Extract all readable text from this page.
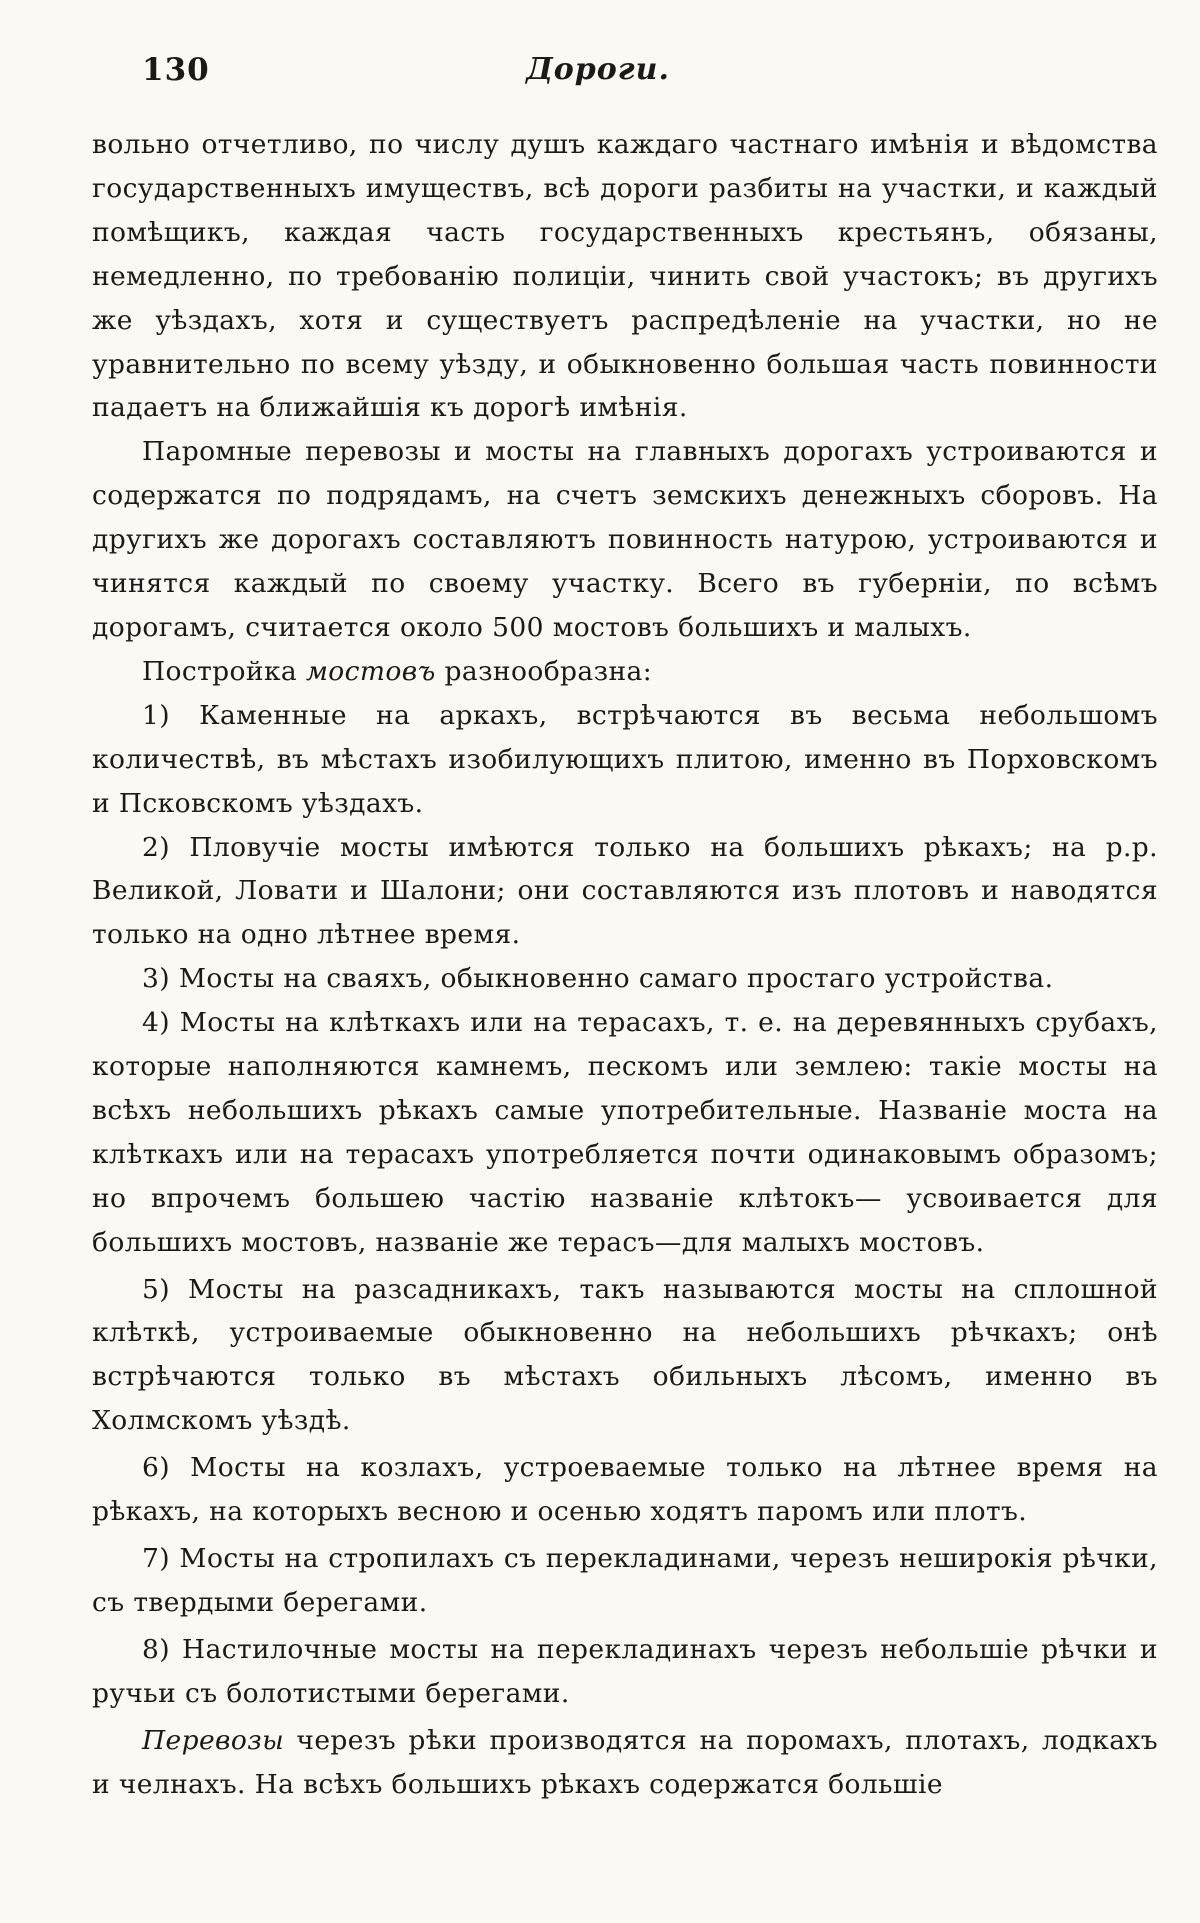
130	Дороги.

вольно отчетливо, по числу душъ каждаго частнаго имѣнія и вѣдомства государственныхъ имуществъ, всѣ дороги разбиты на участки, и каждый помѣщикъ, каждая часть государственныхъ крестьянъ, обязаны, немедленно, по требованію полиціи, чинить свой участокъ; въ другихъ же уѣздахъ, хотя и существуетъ распредѣленіе на участки, но не уравнительно по всему уѣзду, и обыкновенно большая часть повинности падаетъ на ближайшія къ дорогѣ имѣнія.

Паромные перевозы и мосты на главныхъ дорогахъ устроиваются и содержатся по подрядамъ, на счетъ земскихъ денежныхъ сборовъ. На другихъ же дорогахъ составляютъ повинность натурою, устроиваются и чинятся каждый по своему участку. Всего въ губерніи, по всѣмъ дорогамъ, считается около 500 мостовъ большихъ и малыхъ.

Постройка мостовъ разнообразна:

1) Каменные на аркахъ, встрѣчаются въ весьма небольшомъ количествѣ, въ мѣстахъ изобилующихъ плитою, именно въ Порховскомъ и Псковскомъ уѣздахъ.

2) Пловучіе мосты имѣются только на большихъ рѣкахъ; на р.р. Великой, Ловати и Шалони; они составляются изъ плотовъ и наводятся только на одно лѣтнее время.

3) Мосты на сваяхъ, обыкновенно самаго простаго устройства.

4) Мосты на клѣткахъ или на терасахъ, т. е. на деревянныхъ срубахъ, которые наполняются камнемъ, пескомъ или землею: такіе мосты на всѣхъ небольшихъ рѣкахъ самые употребительные. Названіе моста на клѣткахъ или на терасахъ употребляется почти одинаковымъ образомъ; но впрочемъ большею частію названіе клѣтокъ— усвоивается для большихъ мостовъ, названіе же терасъ—для малыхъ мостовъ.

5) Мосты на разсадникахъ, такъ называются мосты на сплошной клѣткѣ, устроиваемые обыкновенно на небольшихъ рѣчкахъ; онѣ встрѣчаются только въ мѣстахъ обильныхъ лѣсомъ, именно въ Холмскомъ уѣздѣ.

6) Мосты на козлахъ, устроеваемые только на лѣтнее время на рѣкахъ, на которыхъ весною и осенью ходятъ паромъ или плотъ.

7) Мосты на стропилахъ съ перекладинами, черезъ неширокія рѣчки, съ твердыми берегами.

8) Настилочные мосты на перекладинахъ черезъ небольшіе рѣчки и ручьи съ болотистыми берегами.

Перевозы черезъ рѣки производятся на поромахъ, плотахъ, лодкахъ и челнахъ. На всѣхъ большихъ рѣкахъ содержатся большіе
